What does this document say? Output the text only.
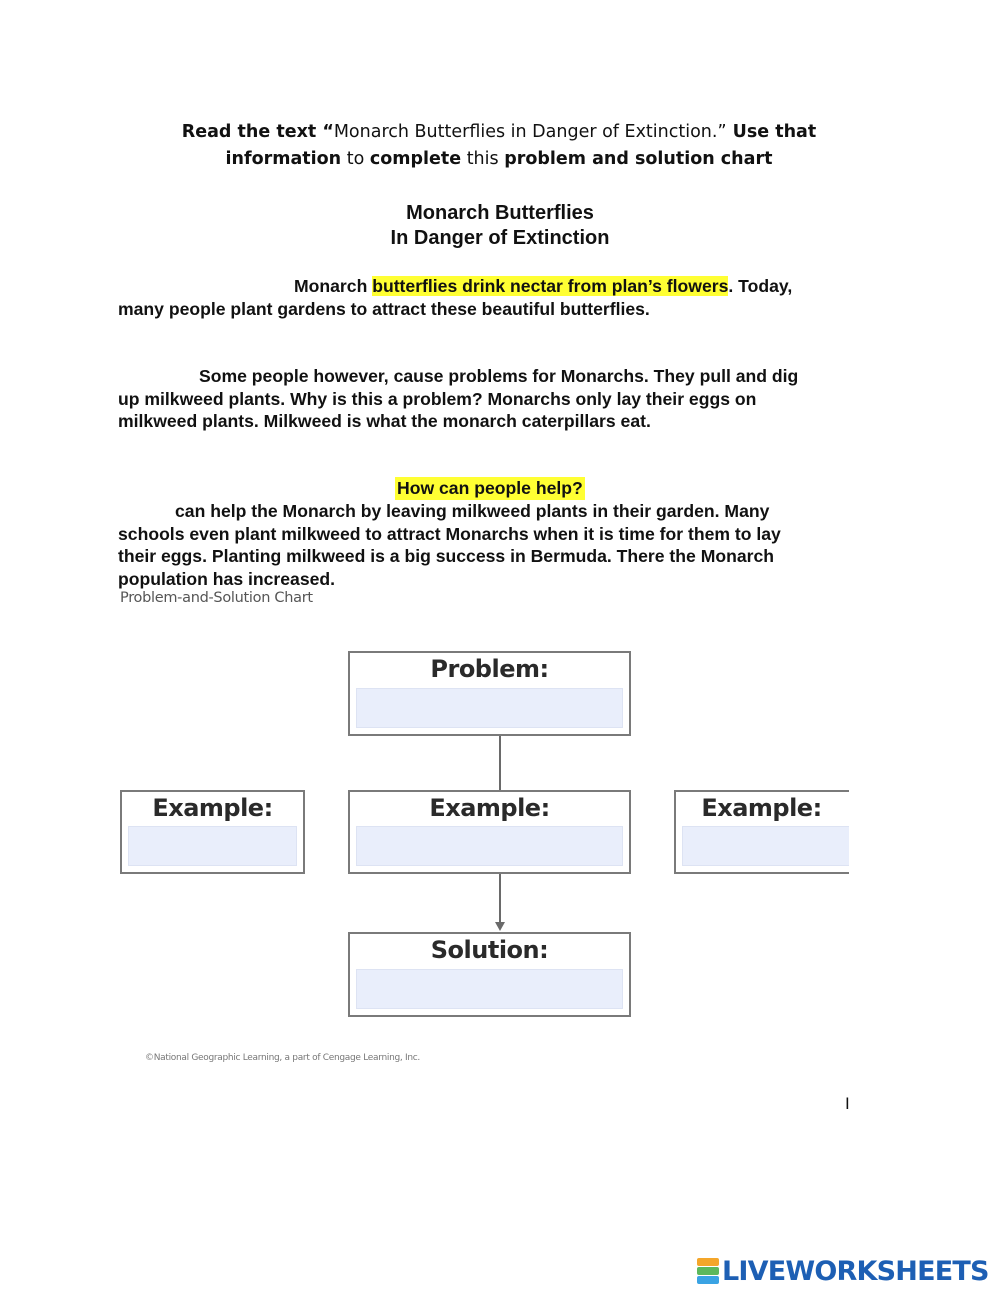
Read the text “Monarch Butterflies in Danger of Extinction.” Use that
information to complete this problem and solution chart
Monarch Butterflies
In Danger of Extinction
Monarch butterflies drink nectar from plan’s flowers. Today,
many people plant gardens to attract these beautiful butterflies.
Some people however, cause problems for Monarchs. They pull and dig
up milkweed plants. Why is this a problem? Monarchs only lay their eggs on
milkweed plants. Milkweed is what the monarch caterpillars eat.
How can people help?
can help the Monarch by leaving milkweed plants in their garden. Many
schools even plant milkweed to attract Monarchs when it is time for them to lay
their eggs. Planting milkweed is a big success in Bermuda. There the Monarch
population has increased.
Problem-and-Solution Chart
Problem:
Example:	Example:	Example:
Solution:
©National Geographic Learning, a part of Cengage Learning, Inc.
I
LIVEWORKSHEETS
